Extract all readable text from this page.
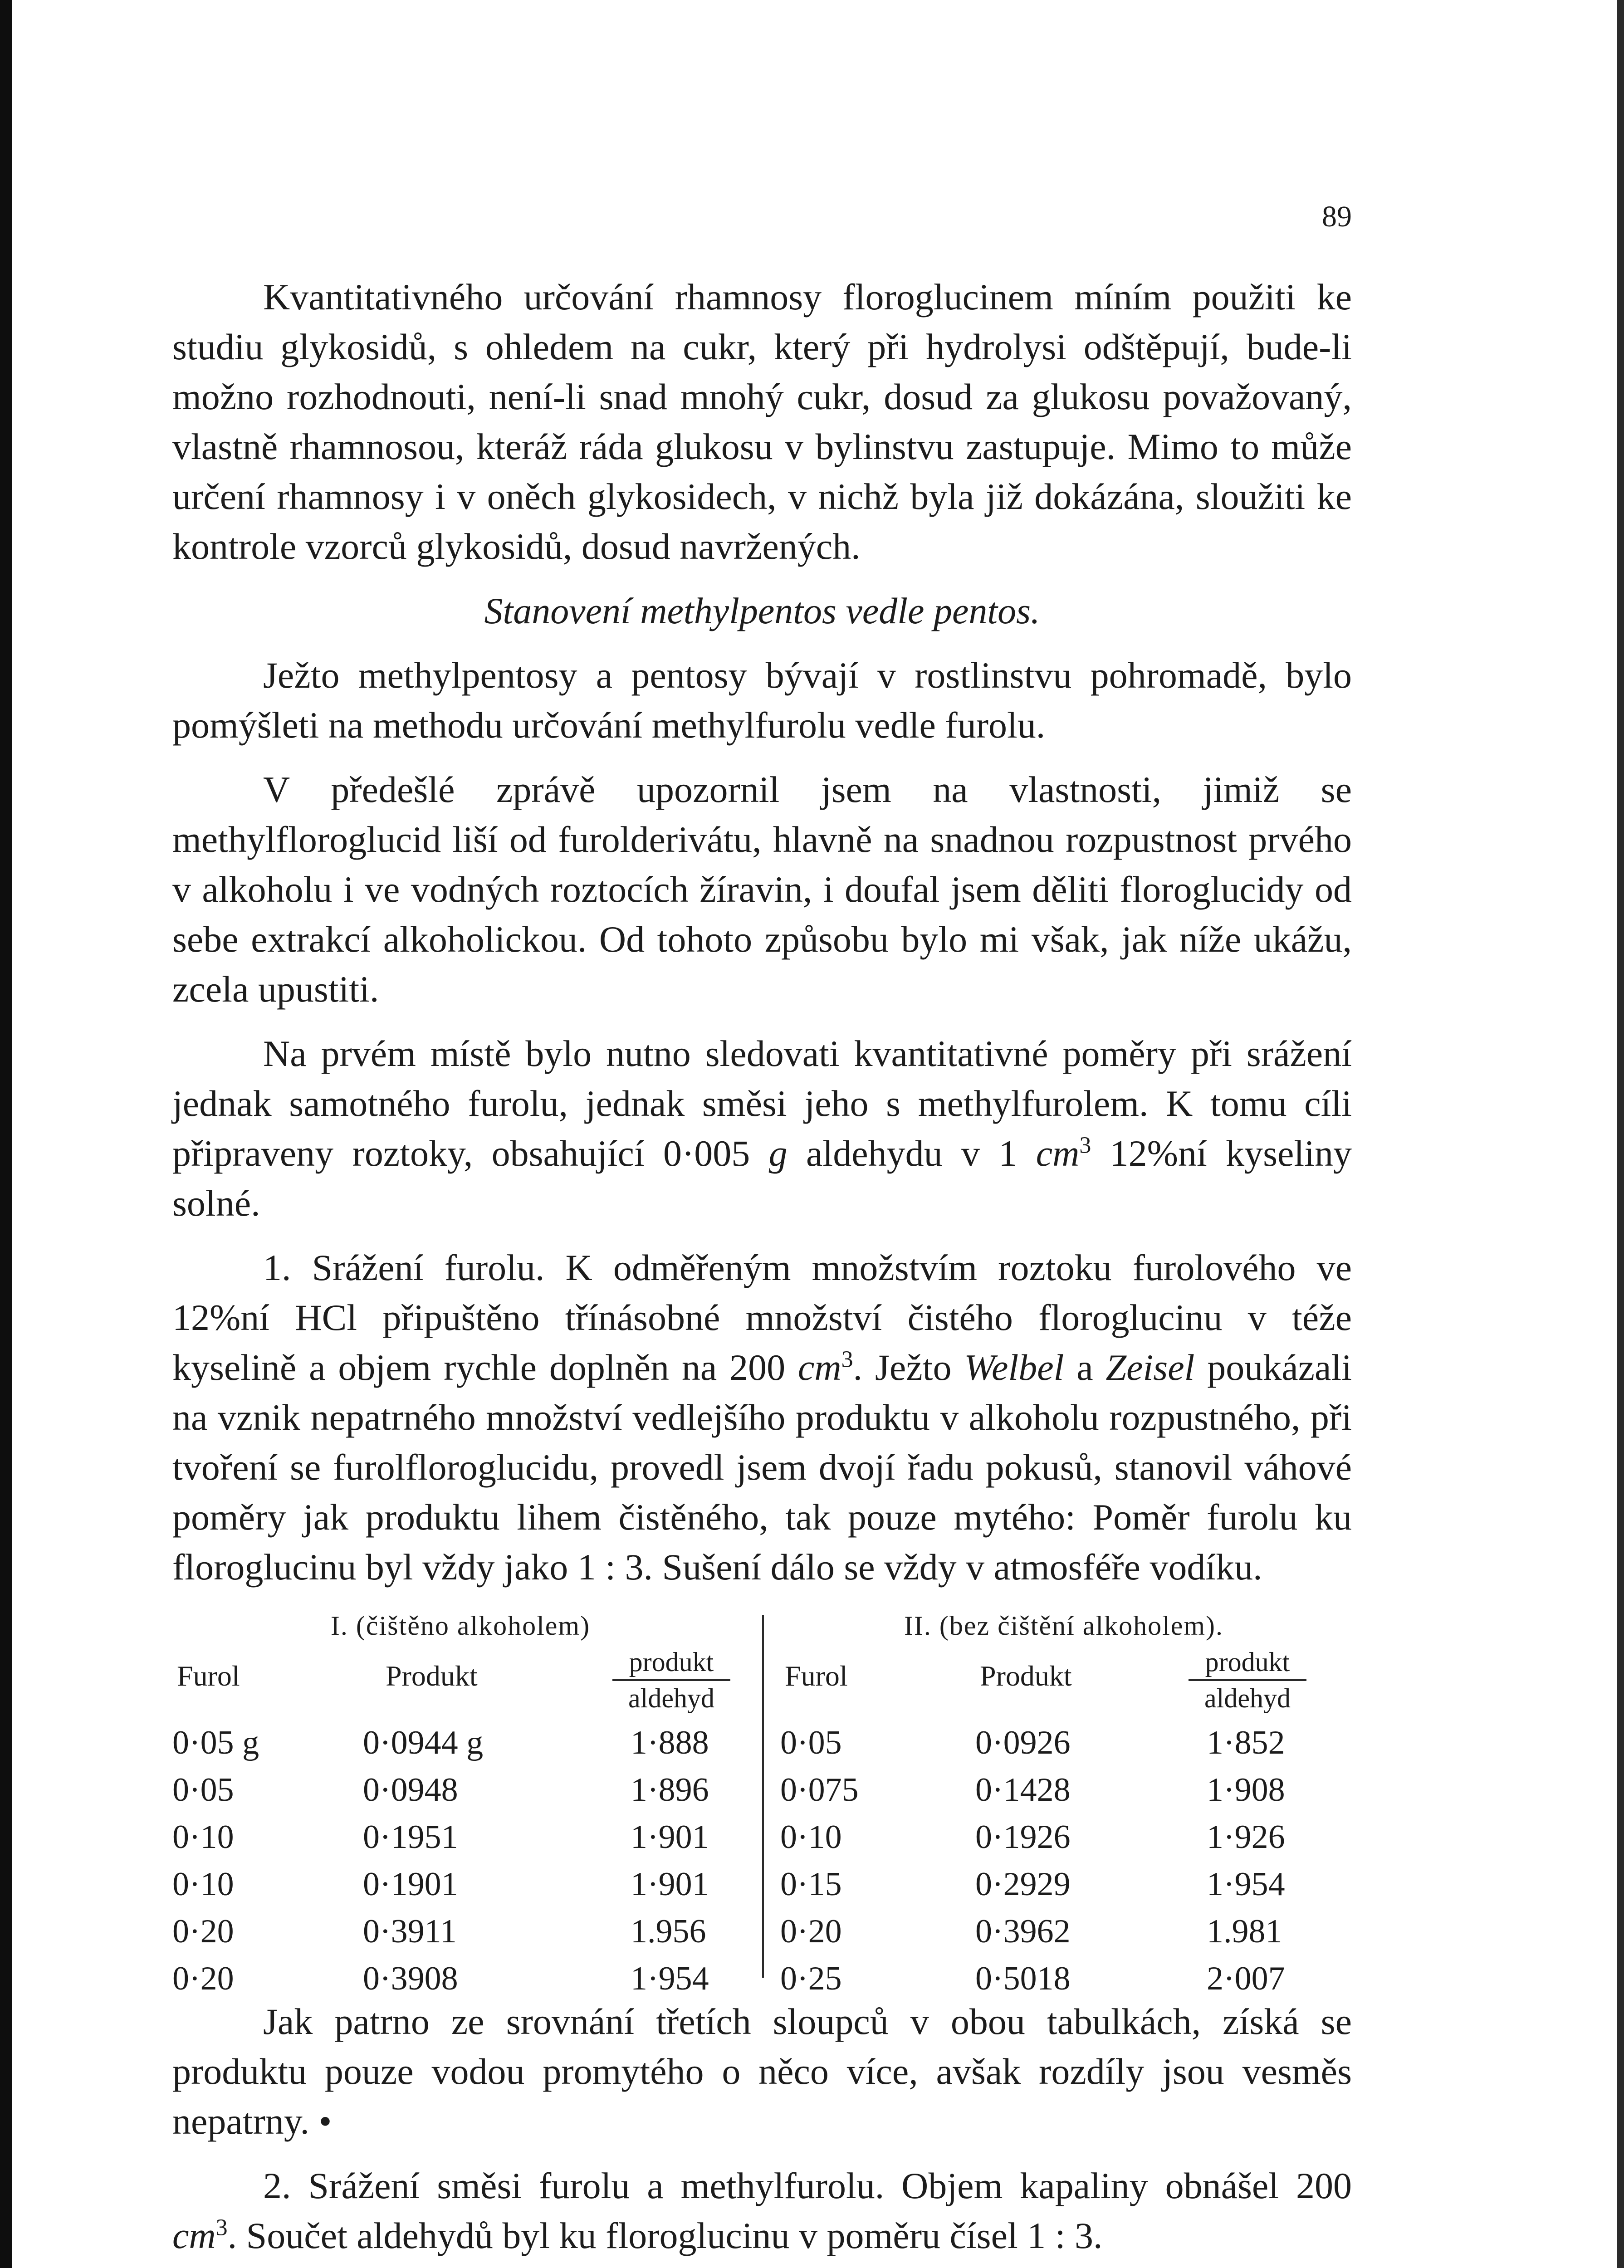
89

Kvantitativného určování rhamnosy floroglucinem míním použiti ke studiu glykosidů, s ohledem na cukr, který při hydrolysi odštěpují, bude-li možno rozhodnouti, není-li snad mnohý cukr, dosud za glukosu považovaný, vlastně rhamnosou, kteráž ráda glukosu v bylinstvu zastupuje. Mimo to může určení rhamnosy i v oněch glykosidech, v nichž byla již dokázána, sloužiti ke kontrole vzorců glykosidů, dosud navržených.

Stanovení methylpentos vedle pentos.

Ježto methylpentosy a pentosy bývají v rostlinstvu pohromadě, bylo pomýšleti na methodu určování methylfurolu vedle furolu.

V předešlé zprávě upozornil jsem na vlastnosti, jimiž se methylfloroglucid liší od furolderivátu, hlavně na snadnou rozpustnost prvého v alkoholu i ve vodných roztocích žíravin, i doufal jsem děliti floroglucidy od sebe extrakcí alkoholickou. Od tohoto způsobu bylo mi však, jak níže ukážu, zcela upustiti.

Na prvém místě bylo nutno sledovati kvantitativné poměry při srážení jednak samotného furolu, jednak směsi jeho s methylfurolem. K tomu cíli připraveny roztoky, obsahující 0·005 g aldehydu v 1 $cm^3$ 12%ní kyseliny solné.

1. Srážení furolu. K odměřeným množstvím roztoku furolového ve 12%ní HCl připuštěno třínásobné množství čistého floroglucinu v téže kyselině a objem rychle doplněn na 200 $cm^3$. Ježto Welbel a Zeisel poukázali na vznik nepatrného množství vedlejšího produktu v alkoholu rozpustného, při tvoření se furolfloroglucidu, provedl jsem dvojí řadu pokusů, stanovil váhové poměry jak produktu lihem čistěného, tak pouze mytého: Poměr furolu ku floroglucinu byl vždy jako 1 : 3. Sušení dálo se vždy v atmosféře vodíku.

I. (čištěno alkoholem)
Furol	Produkt	produkt
aldehyd
0·05 g	0·0944 g	1·888
0·05	0·0948	1·896
0·10	0·1951	1·901
0·10	0·1901	1·901
0·20	0·3911	1.956
0·20	0·3908	1·954
II. (bez čištění alkoholem).
Furol	Produkt	produkt
aldehyd
0·05	0·0926	1·852
0·075	0·1428	1·908
0·10	0·1926	1·926
0·15	0·2929	1·954
0·20	0·3962	1.981
0·25	0·5018	2·007

Jak patrno ze srovnání třetích sloupců v obou tabulkách, získá se produktu pouze vodou promytého o něco více, avšak rozdíly jsou vesměs nepatrny. •

2. Srážení směsi furolu a methylfurolu. Objem kapaliny obnášel 200 $cm^3$. Součet aldehydů byl ku floroglucinu v poměru čísel 1 : 3.
